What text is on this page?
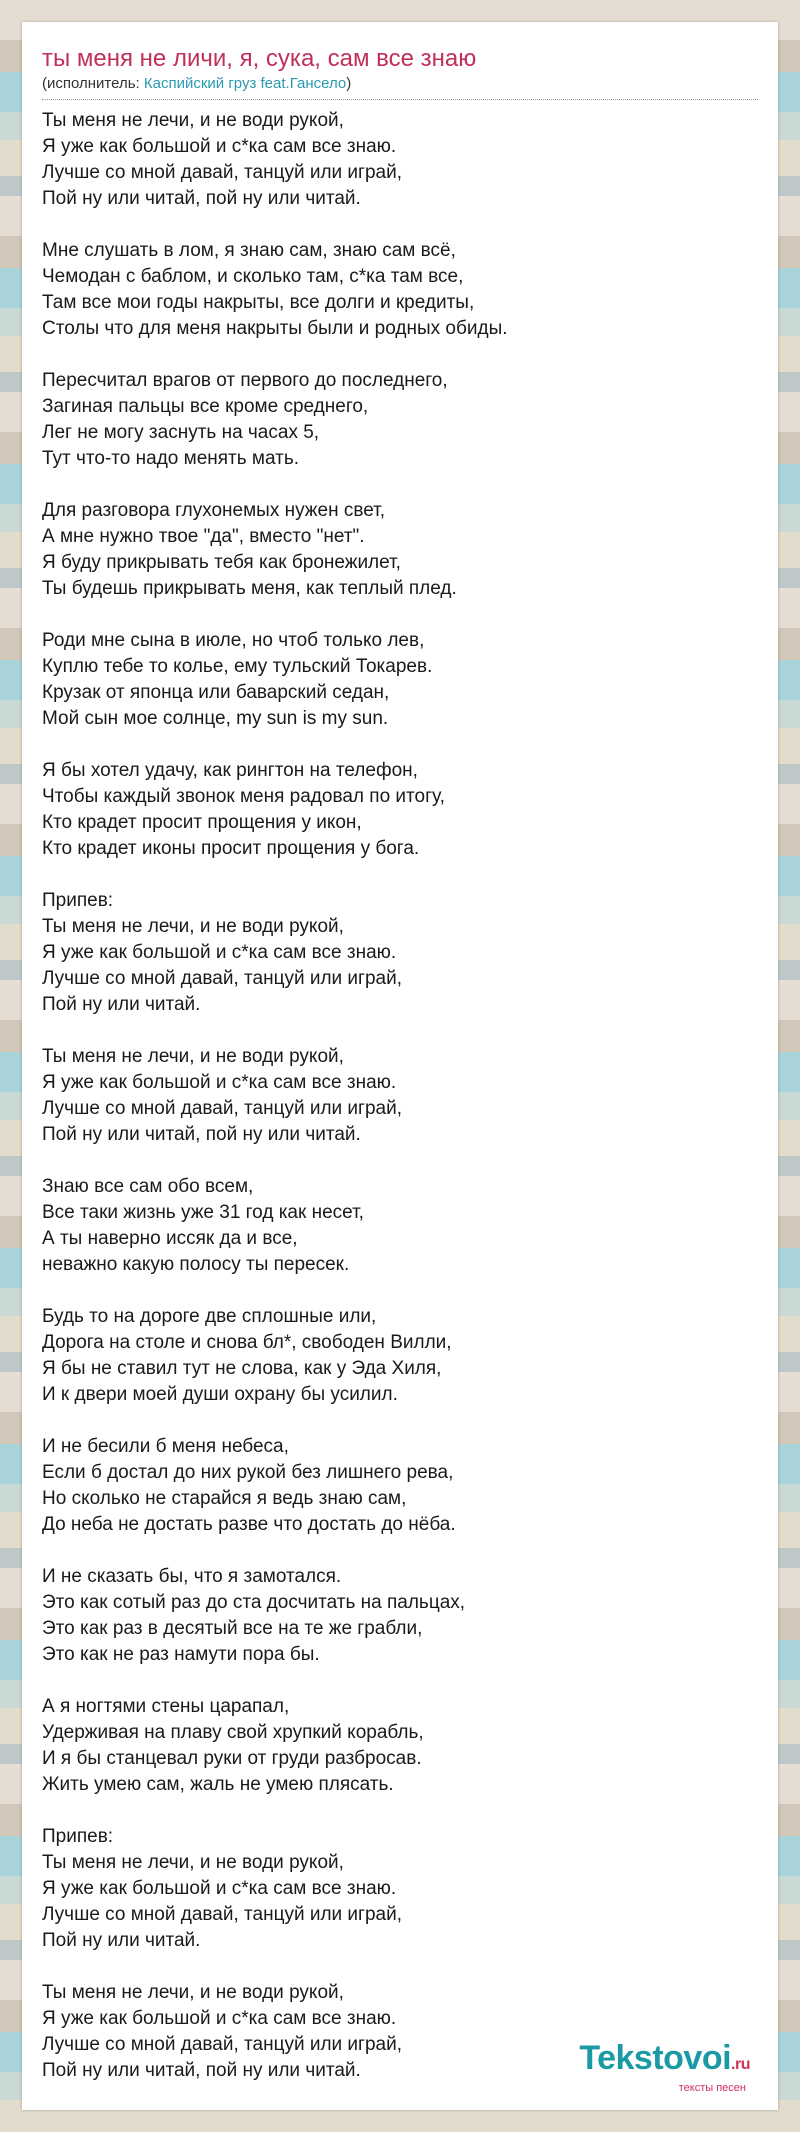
ты меня не личи, я, сука, сам все знаю
(исполнитель: Каспийский груз feat.Гансело)
Ты меня не лечи, и не води рукой,
Я уже как большой и с*ка сам все знаю.
Лучше со мной давай, танцуй или играй,
Пой ну или читай, пой ну или читай.
Мне слушать в лом, я знаю сам, знаю сам всё,
Чемодан с баблом, и сколько там, с*ка там все,
Там все мои годы накрыты, все долги и кредиты,
Столы что для меня накрыты были и родных обиды.
Пересчитал врагов от первого до последнего,
Загиная пальцы все кроме среднего,
Лег не могу заснуть на часах 5,
Тут что-то надо менять мать.
Для разговора глухонемых нужен свет,
А мне нужно твое "да", вместо "нет".
Я буду прикрывать тебя как бронежилет,
Ты будешь прикрывать меня, как теплый плед.
Роди мне сына в июле, но чтоб только лев,
Куплю тебе то колье, ему тульский Токарев.
Крузак от японца или баварский седан,
Мой сын мое солнце, my sun is my sun.
Я бы хотел удачу, как рингтон на телефон,
Чтобы каждый звонок меня радовал по итогу,
Кто крадет просит прощения у икон,
Кто крадет иконы просит прощения у бога.
Припев:
Ты меня не лечи, и не води рукой,
Я уже как большой и с*ка сам все знаю.
Лучше со мной давай, танцуй или играй,
Пой ну или читай.
Ты меня не лечи, и не води рукой,
Я уже как большой и с*ка сам все знаю.
Лучше со мной давай, танцуй или играй,
Пой ну или читай, пой ну или читай.
Знаю все сам обо всем,
Все таки жизнь уже 31 год как несет,
А ты наверно иссяк да и все,
неважно какую полосу ты пересек.
Будь то на дороге две сплошные или,
Дорога на столе и снова бл*, свободен Вилли,
Я бы не ставил тут не слова, как у Эда Хиля,
И к двери моей души охрану бы усилил.
И не бесили б меня небеса,
Если б достал до них рукой без лишнего рева,
Но сколько не старайся я ведь знаю сам,
До неба не достать разве что достать до нёба.
И не сказать бы, что я замотался.
Это как сотый раз до ста досчитать на пальцах,
Это как раз в десятый все на те же грабли,
Это как не раз намути пора бы.
А я ногтями стены царапал,
Удерживая на плаву свой хрупкий корабль,
И я бы станцевал руки от груди разбросав.
Жить умею сам, жаль не умею плясать.
Припев:
Ты меня не лечи, и не води рукой,
Я уже как большой и с*ка сам все знаю.
Лучше со мной давай, танцуй или играй,
Пой ну или читай.
Ты меня не лечи, и не води рукой,
Я уже как большой и с*ка сам все знаю.
Лучше со мной давай, танцуй или играй,
Пой ну или читай, пой ну или читай.	Tekstovoi.ru
тексты песен
